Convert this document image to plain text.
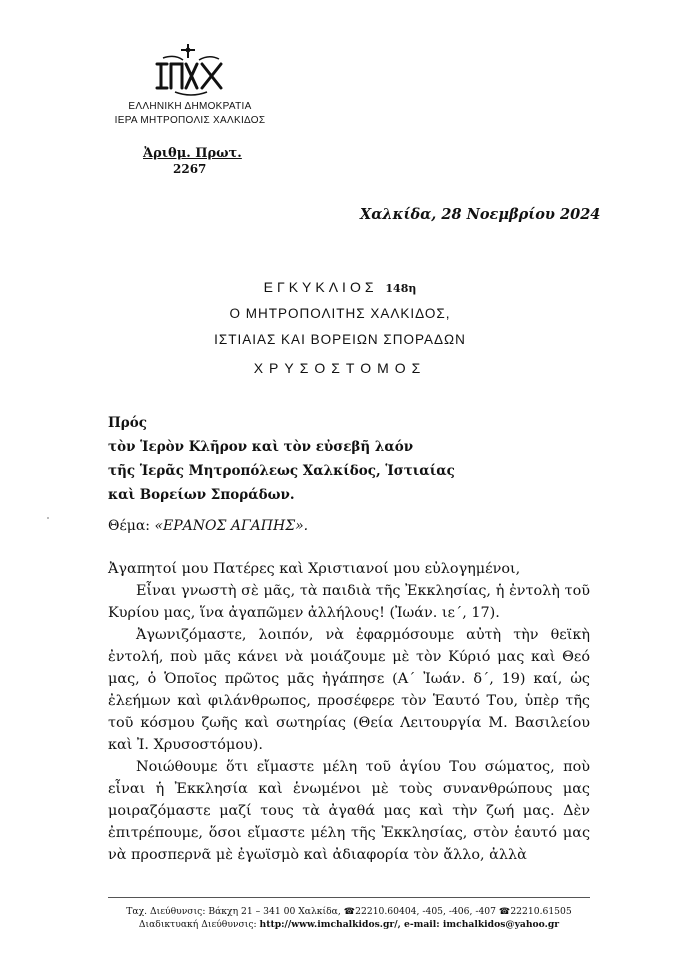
ΕΛΛΗΝΙΚΗ ΔΗΜΟΚΡΑΤΙΑ
ΙΕΡΑ ΜΗΤΡΟΠΟΛΙΣ ΧΑΛΚΙΔΟΣ
Ἀριθμ. Πρωτ.
2267
Χαλκίδα, 28 Νοεμβρίου 2024
ΕΓΚΥΚΛΙΟΣ 148η
Ο ΜΗΤΡΟΠΟΛΙΤΗΣ ΧΑΛΚΙΔΟΣ,
ΙΣΤΙΑΙΑΣ ΚΑΙ ΒΟΡΕΙΩΝ ΣΠΟΡΑΔΩΝ
ΧΡΥΣΟΣΤΟΜΟΣ
Πρός
τὸν Ἱερὸν Κλῆρον καὶ τὸν εὐσεβῆ λαόν
τῆς Ἱερᾶς Μητροπόλεως Χαλκίδος, Ἱστιαίας
καὶ Βορείων Σποράδων.
Θέμα: «ΕΡΑΝΟΣ ΑΓΑΠΗΣ».

Ἀγαπητοί μου Πατέρες καὶ Χριστιανοί μου εὐλογημένοι,

Εἶναι γνωστὴ σὲ μᾶς, τὰ παιδιὰ τῆς Ἐκκλησίας, ἡ ἐντολὴ τοῦ Κυρίου μας, ἵνα ἀγαπῶμεν ἀλλήλους! (Ἰωάν. ιε΄, 17).

Ἀγωνιζόμαστε, λοιπόν, νὰ ἐφαρμόσουμε αὐτὴ τὴν θεϊκὴ ἐντολή, ποὺ μᾶς κάνει νὰ μοιάζουμε μὲ τὸν Κύριό μας καὶ Θεό μας, ὁ Ὁποῖος πρῶτος μᾶς ἠγάπησε (Α΄ Ἰωάν. δ΄, 19) καί, ὡς ἐλεήμων καὶ φιλάνθρωπος, προσέφερε τὸν Ἑαυτό Του, ὑπὲρ τῆς τοῦ κόσμου ζωῆς καὶ σωτηρίας (Θεία Λειτουργία Μ. Βασιλείου καὶ Ἰ. Χρυσοστόμου).

Νοιώθουμε ὅτι εἴμαστε μέλη τοῦ ἁγίου Του σώματος, ποὺ εἶναι ἡ Ἐκκλησία καὶ ἑνωμένοι μὲ τοὺς συνανθρώπους μας μοιραζόμαστε μαζί τους τὰ ἀγαθά μας καὶ τὴν ζωή μας. Δὲν ἐπιτρέπουμε, ὅσοι εἴμαστε μέλη τῆς Ἐκκλησίας, στὸν ἑαυτό μας νὰ προσπερνᾶ μὲ ἐγωϊσμὸ καὶ ἀδιαφορία τὸν ἄλλο, ἀλλὰ

Ταχ. Διεύθυνσις: Βάκχη 21 – 341 00 Χαλκίδα, ☎22210.60404, -405, -406, -407 ☎22210.61505
Διαδικτυακή Διεύθυνσις: http://www.imchalkidos.gr/, e-mail: imchalkidos@yahoo.gr
